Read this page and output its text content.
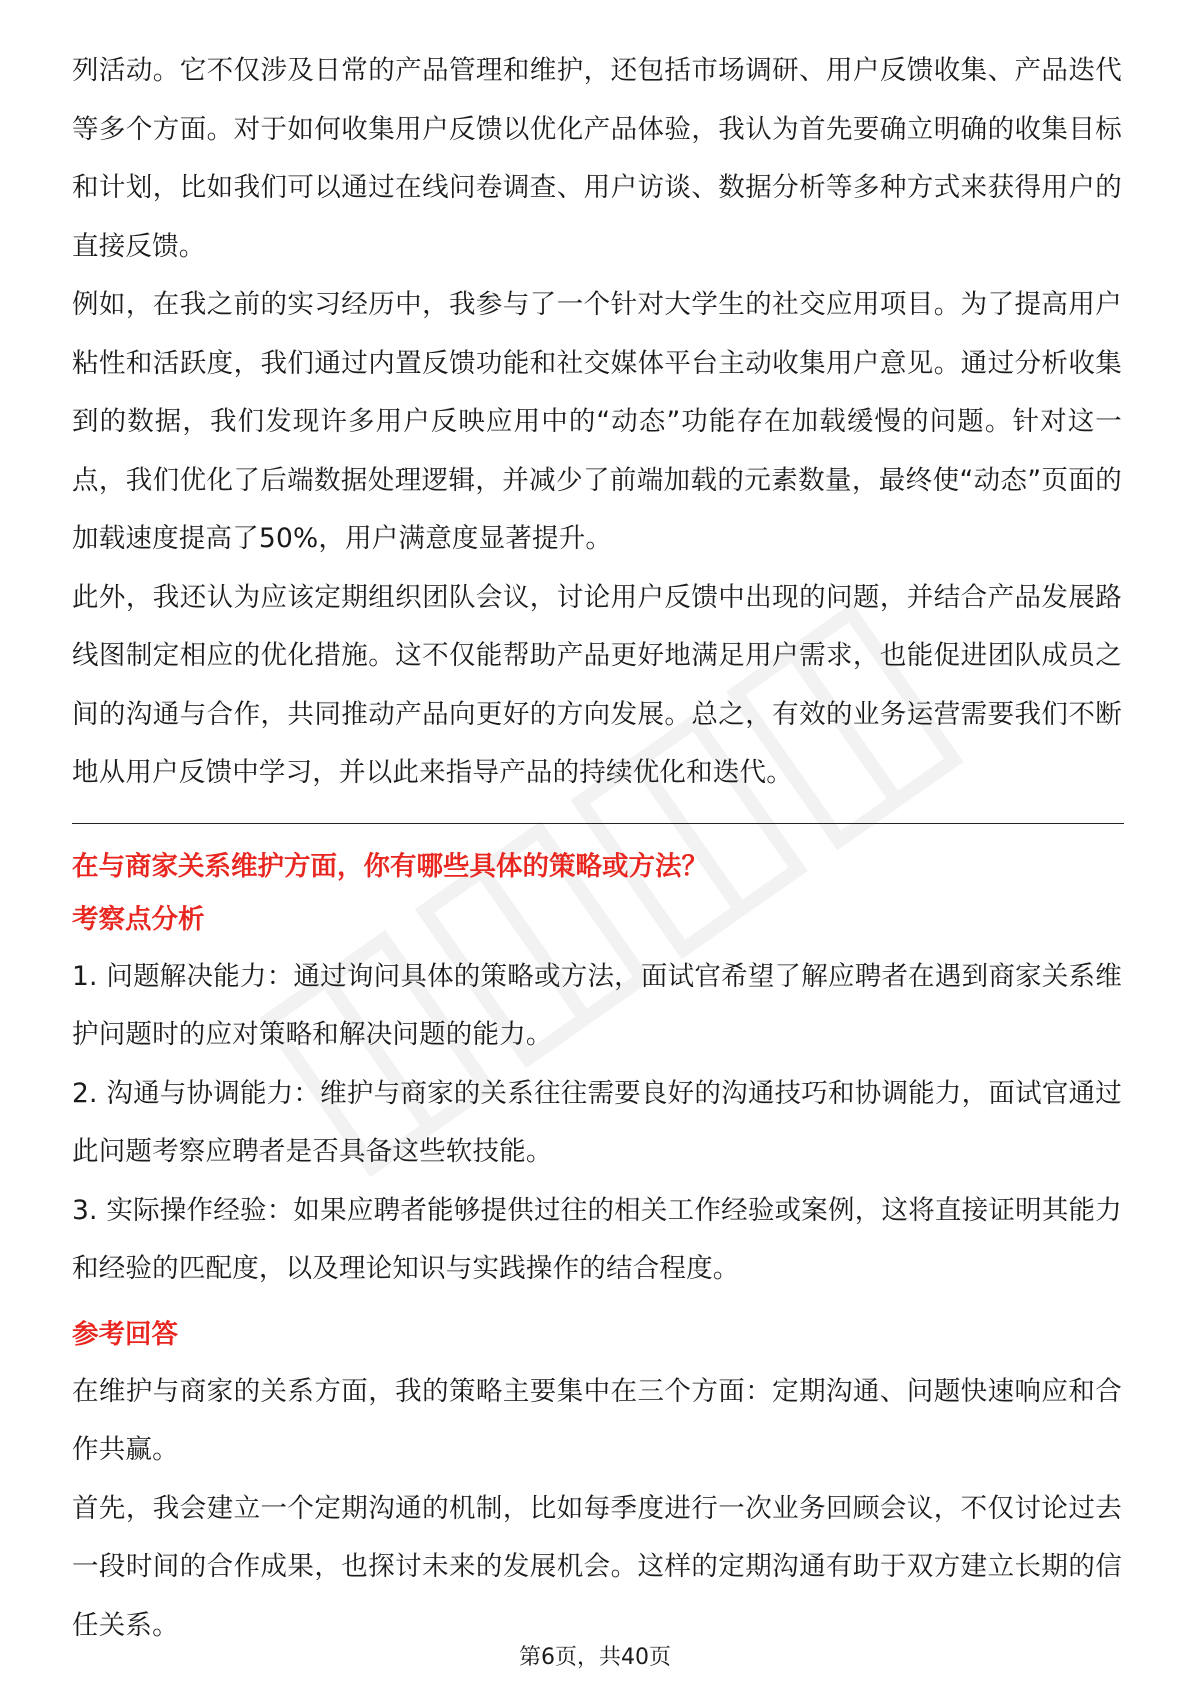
列活动。它不仅涉及日常的产品管理和维护，还包括市场调研、用户反馈收集、产品迭代等多个方面。对于如何收集用户反馈以优化产品体验，我认为首先要确立明确的收集目标和计划，比如我们可以通过在线问卷调查、用户访谈、数据分析等多种方式来获得用户的直接反馈。

例如，在我之前的实习经历中，我参与了一个针对大学生的社交应用项目。为了提高用户粘性和活跃度，我们通过内置反馈功能和社交媒体平台主动收集用户意见。通过分析收集到的数据，我们发现许多用户反映应用中的“动态”功能存在加载缓慢的问题。针对这一点，我们优化了后端数据处理逻辑，并减少了前端加载的元素数量，最终使“动态”页面的加载速度提高了50%，用户满意度显著提升。

此外，我还认为应该定期组织团队会议，讨论用户反馈中出现的问题，并结合产品发展路线图制定相应的优化措施。这不仅能帮助产品更好地满足用户需求，也能促进团队成员之间的沟通与合作，共同推动产品向更好的方向发展。总之，有效的业务运营需要我们不断地从用户反馈中学习，并以此来指导产品的持续优化和迭代。

在与商家关系维护方面，你有哪些具体的策略或方法？

考察点分析

1. 问题解决能力：通过询问具体的策略或方法，面试官希望了解应聘者在遇到商家关系维护问题时的应对策略和解决问题的能力。

2. 沟通与协调能力：维护与商家的关系往往需要良好的沟通技巧和协调能力，面试官通过此问题考察应聘者是否具备这些软技能。

3. 实际操作经验：如果应聘者能够提供过往的相关工作经验或案例，这将直接证明其能力和经验的匹配度，以及理论知识与实践操作的结合程度。

参考回答

在维护与商家的关系方面，我的策略主要集中在三个方面：定期沟通、问题快速响应和合作共赢。

首先，我会建立一个定期沟通的机制，比如每季度进行一次业务回顾会议，不仅讨论过去一段时间的合作成果，也探讨未来的发展机会。这样的定期沟通有助于双方建立长期的信任关系。

第6页，共40页
